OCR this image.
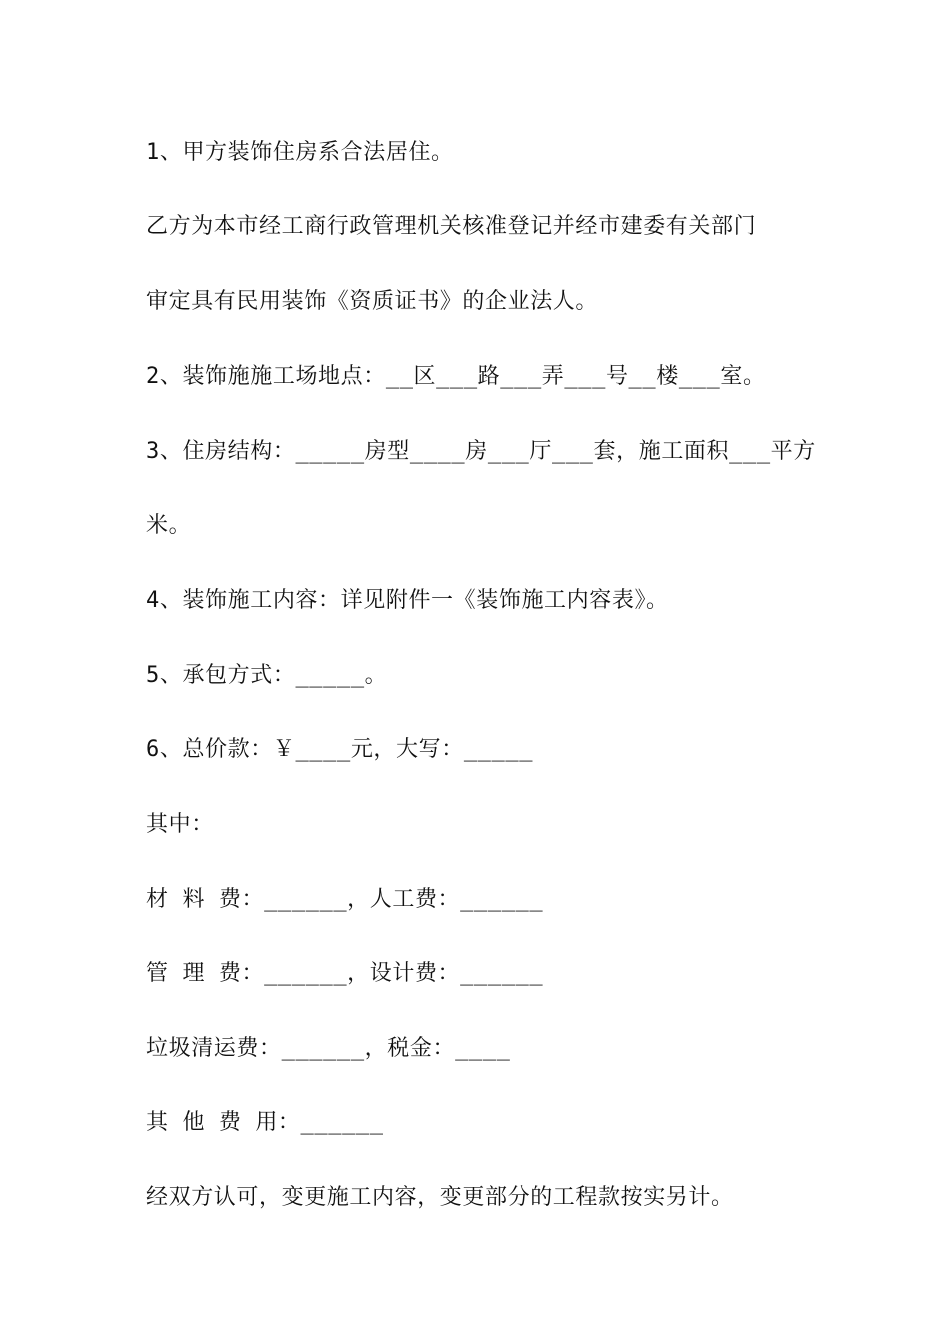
1、甲方装饰住房系合法居住。
乙方为本市经工商行政管理机关核准登记并经市建委有关部门
审定具有民用装饰《资质证书》的企业法人。
2、装饰施施工场地点：__区___路___弄___号__楼___室。
3、住房结构：_____房型____房___厅___套，施工面积___平方
米。
4、装饰施工内容：详见附件一《装饰施工内容表》。
5、承包方式：_____。
6、总价款：￥____元，大写：_____
其中：
材 料 费：______，人工费：______
管 理 费：______，设计费：______
垃圾清运费：______，税金：____
其 他 费 用：______
经双方认可，变更施工内容，变更部分的工程款按实另计。
